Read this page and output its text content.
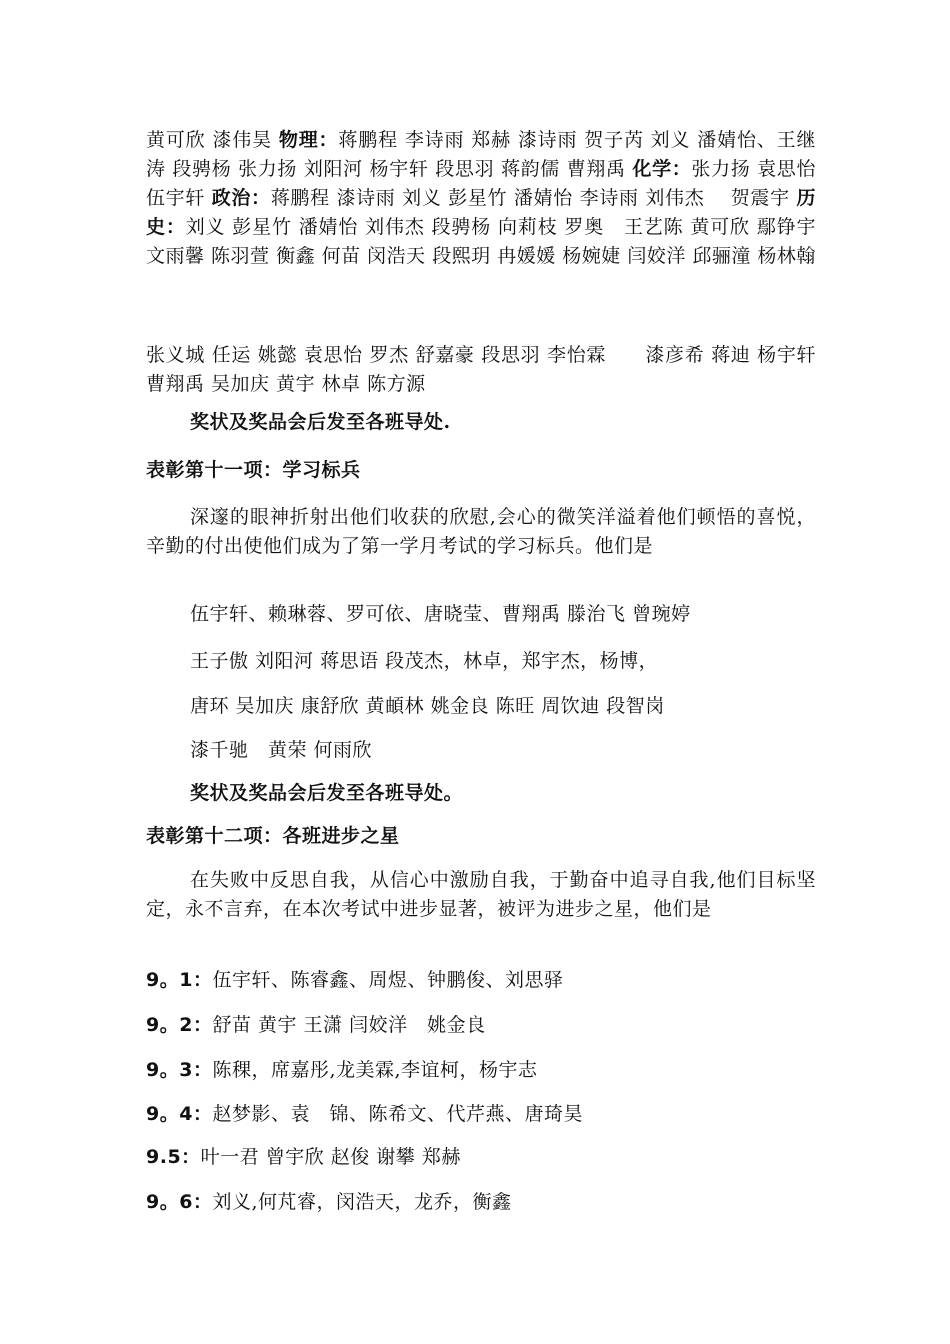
黄可欣 漆伟昊 物理：蒋鹏程 李诗雨 郑赫 漆诗雨 贺子芮 刘义 潘婧怡、王继涛 段骋杨 张力扬 刘阳河 杨宇轩 段思羽 蒋韵儒 曹翔禹 化学：张力扬 袁思怡 伍宇轩 政治：蒋鹏程 漆诗雨 刘义 彭星竹 潘婧怡 李诗雨 刘伟杰　 贺震宇 历史：刘义 彭星竹 潘婧怡 刘伟杰 段骋杨 向莉枝 罗奥　王艺陈 黄可欣 鄢铮宇 文雨馨 陈羽萱 衡鑫 何苗 闵浩天 段熙玥 冉媛媛 杨婉婕 闫姣洋 邱骊潼 杨林翰

张义城 任运 姚懿 袁思怡 罗杰 舒嘉豪 段思羽 李怡霖　　漆彦希 蒋迪 杨宇轩 曹翔禹 吴加庆 黄宇 林卓 陈方源

奖状及奖品会后发至各班导处.

表彰第十一项：学习标兵

深邃的眼神折射出他们收获的欣慰,会心的微笑洋溢着他们顿悟的喜悦，辛勤的付出使他们成为了第一学月考试的学习标兵。他们是

伍宇轩、赖琳蓉、罗可依、唐晓莹、曹翔禹 滕治飞 曾琬婷

王子傲 刘阳河 蒋思语 段茂杰，林卓，郑宇杰，杨博，

唐环 吴加庆 康舒欣 黄頔林 姚金良 陈旺 周饮迪 段智岗

漆千驰　黄荣 何雨欣

奖状及奖品会后发至各班导处。

表彰第十二项：各班进步之星

在失败中反思自我，从信心中激励自我，于勤奋中追寻自我,他们目标坚定，永不言弃，在本次考试中进步显著，被评为进步之星，他们是

9。1：伍宇轩、陈睿鑫、周煜、钟鹏俊、刘思驿

9。2：舒苗 黄宇 王潇 闫姣洋　姚金良

9。3：陈稞，席嘉彤,龙美霖,李谊柯，杨宇志

9。4：赵梦影、袁　锦、陈希文、代芹燕、唐琦昊

9.5：叶一君 曾宇欣 赵俊 谢攀 郑赫

9。6：刘义,何芃睿，闵浩天，龙乔，衡鑫
